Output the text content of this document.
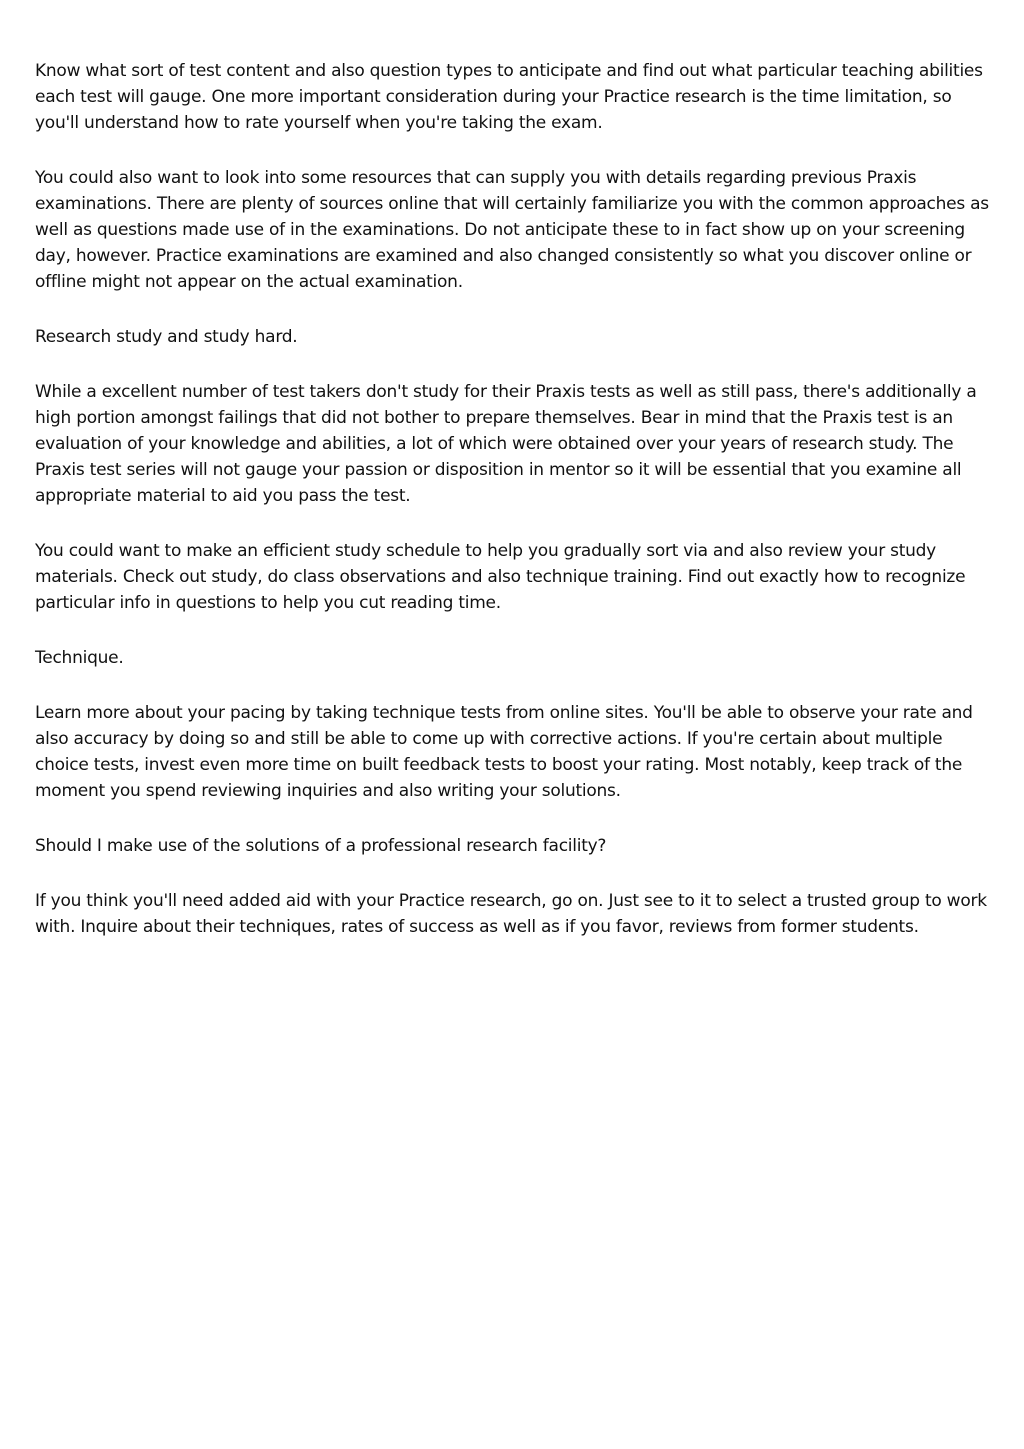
Know what sort of test content and also question types to anticipate and find out what particular teaching abilities each test will gauge. One more important consideration during your Practice research is the time limitation, so you'll understand how to rate yourself when you're taking the exam.

You could also want to look into some resources that can supply you with details regarding previous Praxis examinations. There are plenty of sources online that will certainly familiarize you with the common approaches as well as questions made use of in the examinations. Do not anticipate these to in fact show up on your screening day, however. Practice examinations are examined and also changed consistently so what you discover online or offline might not appear on the actual examination.

Research study and study hard.

While a excellent number of test takers don't study for their Praxis tests as well as still pass, there's additionally a high portion amongst failings that did not bother to prepare themselves. Bear in mind that the Praxis test is an evaluation of your knowledge and abilities, a lot of which were obtained over your years of research study. The Praxis test series will not gauge your passion or disposition in mentor so it will be essential that you examine all appropriate material to aid you pass the test.

You could want to make an efficient study schedule to help you gradually sort via and also review your study materials. Check out study, do class observations and also technique training. Find out exactly how to recognize particular info in questions to help you cut reading time.

Technique.

Learn more about your pacing by taking technique tests from online sites. You'll be able to observe your rate and also accuracy by doing so and still be able to come up with corrective actions. If you're certain about multiple choice tests, invest even more time on built feedback tests to boost your rating. Most notably, keep track of the moment you spend reviewing inquiries and also writing your solutions.

Should I make use of the solutions of a professional research facility?

If you think you'll need added aid with your Practice research, go on. Just see to it to select a trusted group to work with. Inquire about their techniques, rates of success as well as if you favor, reviews from former students.
